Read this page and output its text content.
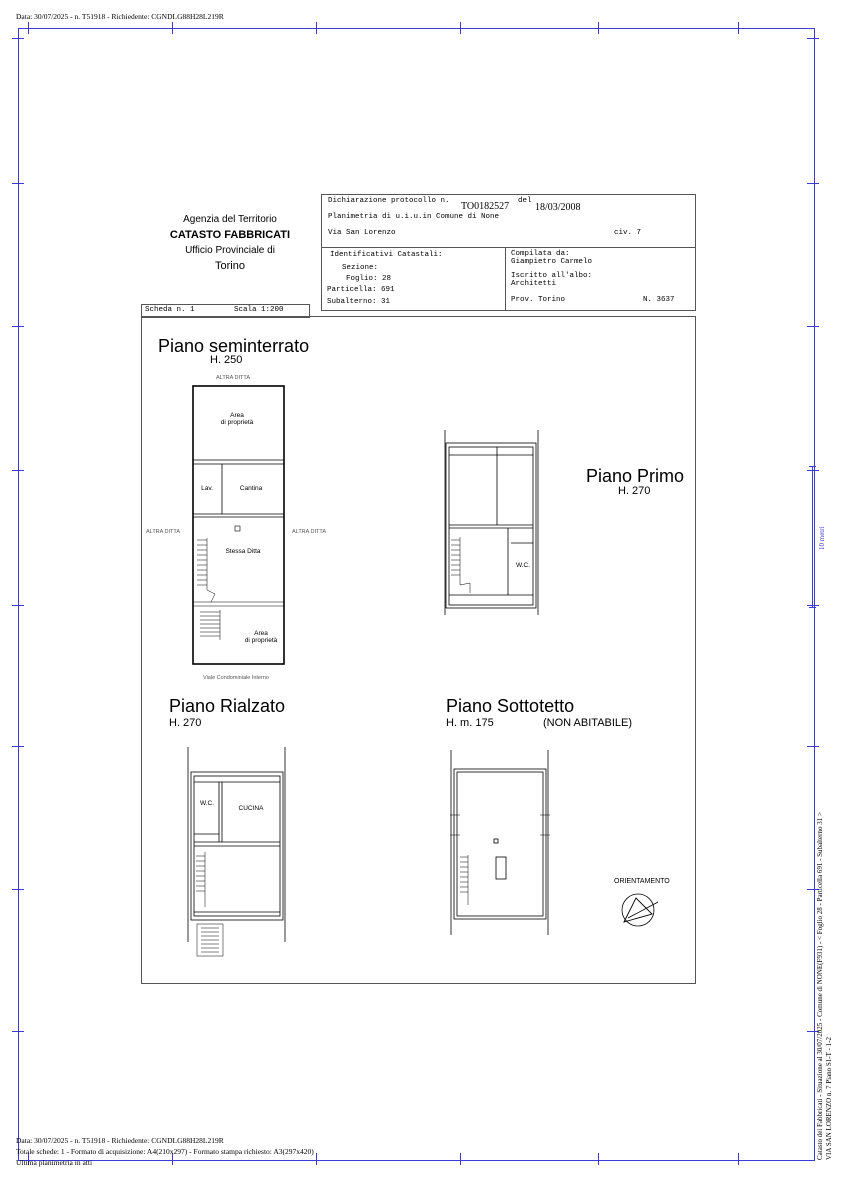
Data: 30/07/2025 - n. T51918 - Richiedente: CGNDLG88H28L219R
10 metri
Catasto dei Fabbricati - Situazione al 30/07/2025 - Comune di NONE(F931) - < Foglio 28 - Particella 691 - Subalterno 31 > VIA SAN LORENZO n. 7 Piano S1-T - 1-2
Agenzia del Territorio
CATASTO FABBRICATI
Ufficio Provinciale di
Torino
Scheda n. 1	Scala 1:200
Dichiarazione protocollo n. TO0182527 del
18/03/2008
Planimetria di u.i.u.in Comune di None
Via San Lorenzo	civ. 7
Identificativi Catastali:
Sezione:
Foglio: 28
Particella: 691
Subalterno: 31
Compilata da:
Giampietro Carmelo
Iscritto all'albo:
Architetti
Prov. Torino	N. 3637
Piano seminterrato
H. 250
ALTRA DITTA
ALTRA DITTA	ALTRA DITTA
Viale Condominiale Interno
Area
di proprietà
Lav.	Cantina
Stessa Ditta
Area
di proprietà
Piano Primo
H. 270
W.C.
Piano Rialzato
H. 270
W.C.
CUCINA
Piano Sottotetto
H. m. 175	(NON ABITABILE)
ORIENTAMENTO
Data: 30/07/2025 - n. T51918 - Richiedente: CGNDLG88H28L219R
Totale schede: 1 - Formato di acquisizione: A4(210x297) - Formato stampa richiesto: A3(297x420)
Ultima planimetria in atti
